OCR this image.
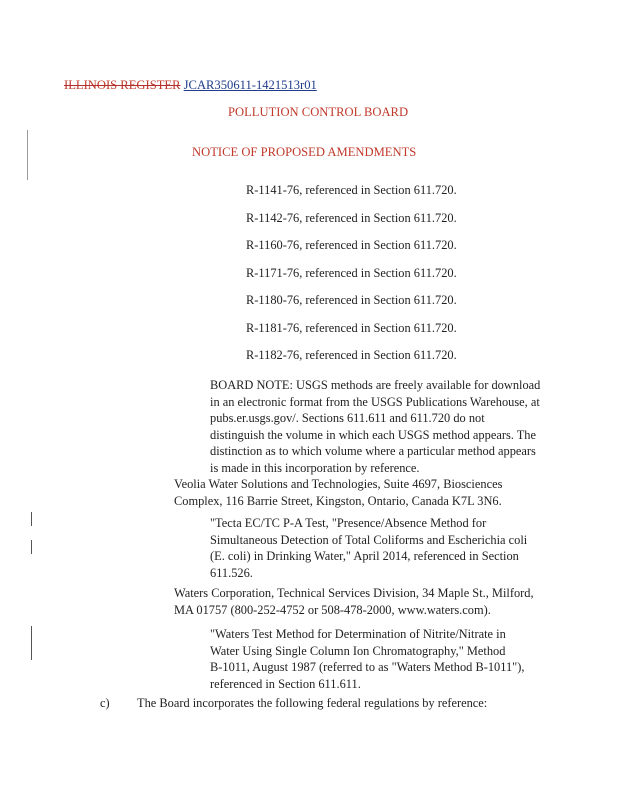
ILLINOIS REGISTER JCAR350611-1421513r01
POLLUTION CONTROL BOARD
NOTICE OF PROPOSED AMENDMENTS
R-1141-76, referenced in Section 611.720.
R-1142-76, referenced in Section 611.720.
R-1160-76, referenced in Section 611.720.
R-1171-76, referenced in Section 611.720.
R-1180-76, referenced in Section 611.720.
R-1181-76, referenced in Section 611.720.
R-1182-76, referenced in Section 611.720.
BOARD NOTE: USGS methods are freely available for download
in an electronic format from the USGS Publications Warehouse, at
pubs.er.usgs.gov/. Sections 611.611 and 611.720 do not
distinguish the volume in which each USGS method appears. The
distinction as to which volume where a particular method appears
is made in this incorporation by reference.
Veolia Water Solutions and Technologies, Suite 4697, Biosciences
Complex, 116 Barrie Street, Kingston, Ontario, Canada K7L 3N6.
"Tecta EC/TC P-A Test, "Presence/Absence Method for
Simultaneous Detection of Total Coliforms and Escherichia coli
(E. coli) in Drinking Water," April 2014, referenced in Section
611.526.
Waters Corporation, Technical Services Division, 34 Maple St., Milford,
MA 01757 (800-252-4752 or 508-478-2000, www.waters.com).
"Waters Test Method for Determination of Nitrite/Nitrate in
Water Using Single Column Ion Chromatography," Method
B-1011, August 1987 (referred to as "Waters Method B-1011"),
referenced in Section 611.611.
c) The Board incorporates the following federal regulations by reference:
